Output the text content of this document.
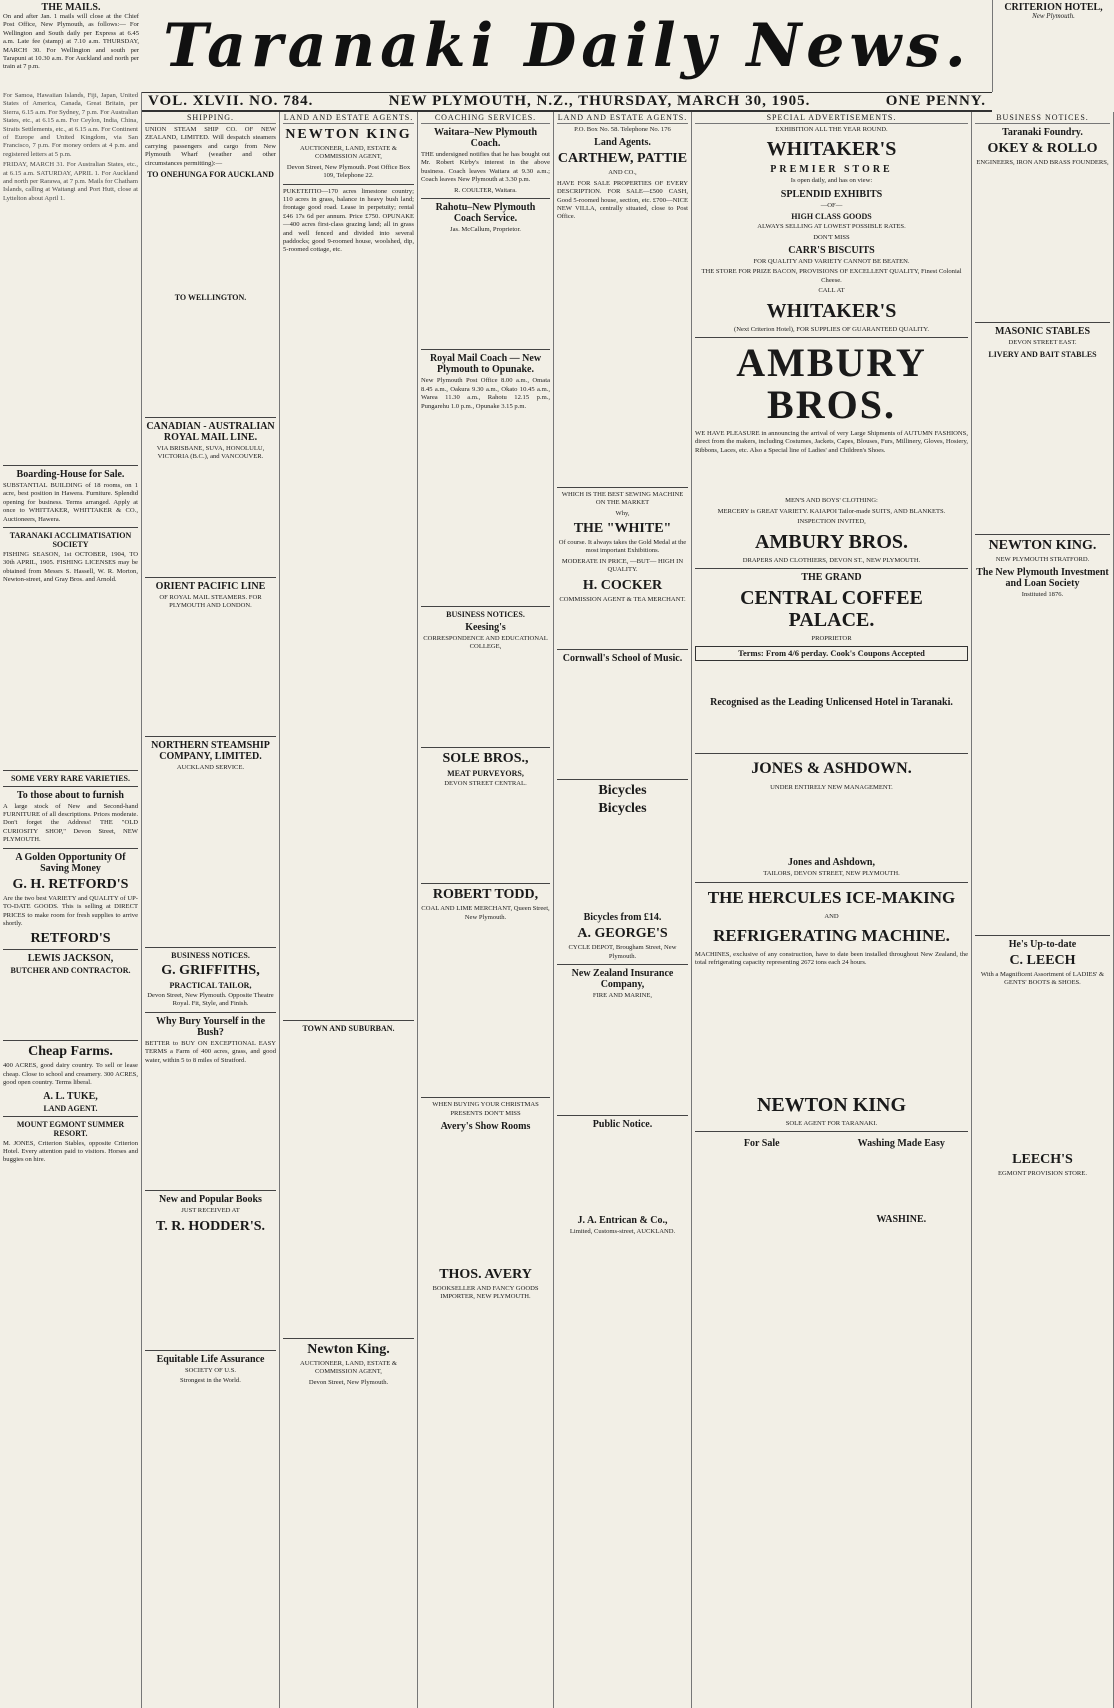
THE MAILS.
On and after Jan. 1 mails will close at the Chief Post Office, New Plymouth, as follows:— For Wellington and South daily per Express at 6.45 a.m. Late fee (stamp) at 7.10 a.m. THURSDAY, MARCH 30. For Wellington and south per Tarapuni at 10.30 a.m. For Auckland and north per train at 7 p.m.	Taranaki Daily News.
CRITERION HOTEL,
New Plymouth.
VOL. XLVII. NO. 784.	NEW PLYMOUTH, N.Z., THURSDAY, MARCH 30, 1905.	ONE PENNY.

For Samoa, Hawaiian Islands, Fiji, Japan, United States of America, Canada, Great Britain, per Sierra, 6.15 a.m. For Sydney, 7 p.m. For Australian States, etc., at 6.15 a.m. For Ceylon, India, China, Straits Settlements, etc., at 6.15 a.m. For Continent of Europe and United Kingdom, via San Francisco, 7 p.m. For money orders at 4 p.m. and registered letters at 5 p.m.

FRIDAY, MARCH 31. For Australian States, etc., at 6.15 a.m. SATURDAY, APRIL 1. For Auckland and north per Rarawa, at 7 p.m. Mails for Chatham Islands, calling at Waitangi and Port Hutt, close at Lyttelton about April 1.

Boarding-House for Sale.

SUBSTANTIAL BUILDING of 18 rooms, on 1 acre, best position in Hawera. Furniture. Splendid opening for business. Terms arranged. Apply at once to WHITTAKER, WHITTAKER & CO., Auctioneers, Hawera.

TARANAKI ACCLIMATISATION SOCIETY

FISHING SEASON, 1st OCTOBER, 1904, TO 30th APRIL, 1905. FISHING LICENSES may be obtained from Messrs S. Hassell, W. R. Morton, Newton-street, and Gray Bros. and Arnold.

SOME VERY RARE VARIETIES.
To those about to furnish

A large stock of New and Second-hand FURNITURE of all descriptions. Prices moderate. Don't forget the Address! THE "OLD CURIOSITY SHOP," Devon Street, NEW PLYMOUTH.

A Golden Opportunity Of Saving Money
G. H. RETFORD'S

Are the two best VARIETY and QUALITY of UP-TO-DATE GOODS. This is selling at DIRECT PRICES to make room for fresh supplies to arrive shortly.

RETFORD'S
LEWIS JACKSON,
BUTCHER AND CONTRACTOR.
Cheap Farms.

400 ACRES, good dairy country. To sell or lease cheap. Close to school and creamery. 300 ACRES, good open country. Terms liberal.

A. L. TUKE,
LAND AGENT.
MOUNT EGMONT SUMMER RESORT.

M. JONES, Criterion Stables, opposite Criterion Hotel. Every attention paid to visitors. Horses and buggies on hire.

SHIPPING.

UNION STEAM SHIP CO. OF NEW ZEALAND, LIMITED. Will despatch steamers carrying passengers and cargo from New Plymouth Wharf (weather and other circumstances permitting):—

TO ONEHUNGA FOR AUCKLAND
TO WELLINGTON.
CANADIAN - AUSTRALIAN ROYAL MAIL LINE.

VIA BRISBANE, SUVA, HONOLULU, VICTORIA (B.C.), and VANCOUVER.

ORIENT PACIFIC LINE

OF ROYAL MAIL STEAMERS. FOR PLYMOUTH AND LONDON.

NORTHERN STEAMSHIP COMPANY, LIMITED.

AUCKLAND SERVICE.

BUSINESS NOTICES.
G. GRIFFITHS,
PRACTICAL TAILOR,

Devon Street, New Plymouth. Opposite Theatre Royal. Fit, Style, and Finish.

Why Bury Yourself in the Bush?

BETTER to BUY ON EXCEPTIONAL EASY TERMS a Farm of 400 acres, grass, and good water, within 5 to 8 miles of Stratford.

New and Popular Books

JUST RECEIVED AT

T. R. HODDER'S.
Equitable Life Assurance

SOCIETY OF U.S.

Strongest in the World.

LAND AND ESTATE AGENTS.
NEWTON KING

AUCTIONEER, LAND, ESTATE & COMMISSION AGENT,

Devon Street, New Plymouth. Post Office Box 109, Telephone 22.

PUKETEITIO—170 acres limestone country; 110 acres in grass, balance in heavy bush land; frontage good road. Lease in perpetuity; rental £46 17s 6d per annum. Price £750. OPUNAKE—400 acres first-class grazing land; all in grass and well fenced and divided into several paddocks; good 9-roomed house, woolshed, dip, 5-roomed cottage, etc.

TOWN AND SUBURBAN.
Newton King.

AUCTIONEER, LAND, ESTATE & COMMISSION AGENT,

Devon Street, New Plymouth.

COACHING SERVICES.
Waitara–New Plymouth Coach.

THE undersigned notifies that he has bought out Mr. Robert Kirby's interest in the above business. Coach leaves Waitara at 9.30 a.m.; Coach leaves New Plymouth at 3.30 p.m.

R. COULTER, Waitara.

Rahotu–New Plymouth Coach Service.

Jas. McCallum, Proprietor.

Royal Mail Coach — New Plymouth to Opunake.

New Plymouth Post Office 8.00 a.m., Omata 8.45 a.m., Oakura 9.30 a.m., Okato 10.45 a.m., Warea 11.30 a.m., Rahotu 12.15 p.m., Pungarehu 1.0 p.m., Opunake 3.15 p.m.

BUSINESS NOTICES.
Keesing's

CORRESPONDENCE AND EDUCATIONAL COLLEGE,

SOLE BROS.,
MEAT PURVEYORS,

DEVON STREET CENTRAL.

ROBERT TODD,

COAL AND LIME MERCHANT, Queen Street, New Plymouth.

WHEN BUYING YOUR CHRISTMAS PRESENTS DON'T MISS

Avery's Show Rooms
THOS. AVERY

BOOKSELLER AND FANCY GOODS IMPORTER, NEW PLYMOUTH.

LAND AND ESTATE AGENTS.

P.O. Box No. 58. Telephone No. 176

Land Agents.
CARTHEW, PATTIE

AND CO.,

HAVE FOR SALE PROPERTIES OF EVERY DESCRIPTION. FOR SALE—£500 CASH, Good 5-roomed house, section, etc. £700—NICE NEW VILLA, centrally situated, close to Post Office.

WHICH IS THE BEST SEWING MACHINE ON THE MARKET

Why,

THE "WHITE"

Of course. It always takes the Gold Medal at the most important Exhibitions.

MODERATE IN PRICE, —BUT— HIGH IN QUALITY.

H. COCKER

COMMISSION AGENT & TEA MERCHANT.

Cornwall's School of Music.
Bicycles
Bicycles
Bicycles from £14.
A. GEORGE'S

CYCLE DEPOT, Brougham Street, New Plymouth.

New Zealand Insurance Company,

FIRE AND MARINE,

Public Notice.
J. A. Entrican & Co.,

Limited, Customs-street, AUCKLAND.

SPECIAL ADVERTISEMENTS.

EXHIBITION ALL THE YEAR ROUND.

WHITAKER'S
PREMIER STORE

Is open daily, and has on view:

SPLENDID EXHIBITS

—OF—

HIGH CLASS GOODS

ALWAYS SELLING AT LOWEST POSSIBLE RATES.

DON'T MISS

CARR'S BISCUITS

FOR QUALITY AND VARIETY CANNOT BE BEATEN.

THE STORE FOR PRIZE BACON, PROVISIONS OF EXCELLENT QUALITY, Finest Colonial Cheese.

CALL AT

WHITAKER'S

(Next Criterion Hotel), FOR SUPPLIES OF GUARANTEED QUALITY.

AMBURY BROS.

WE HAVE PLEASURE in announcing the arrival of very Large Shipments of AUTUMN FASHIONS, direct from the makers, including Costumes, Jackets, Capes, Blouses, Furs, Millinery, Gloves, Hosiery, Ribbons, Laces, etc. Also a Special line of Ladies' and Children's Shoes.

MEN'S AND BOYS' CLOTHING:

MERCERY is GREAT VARIETY. KAIAPOI Tailor-made SUITS, AND BLANKETS.

INSPECTION INVITED,

AMBURY BROS.

DRAPERS AND CLOTHIERS, DEVON ST., NEW PLYMOUTH.

THE GRAND
CENTRAL COFFEE PALACE.

PROPRIETOR

Terms: From 4/6 perday. Cook's Coupons Accepted
Recognised as the Leading Unlicensed Hotel in Taranaki.
JONES & ASHDOWN.

UNDER ENTIRELY NEW MANAGEMENT.

Jones and Ashdown,

TAILORS, DEVON STREET, NEW PLYMOUTH.

THE HERCULES ICE-MAKING

AND

REFRIGERATING MACHINE.

MACHINES, exclusive of any construction, have to date been installed throughout New Zealand, the total refrigerating capacity representing 2672 tons each 24 hours.

NEWTON KING

SOLE AGENT FOR TARANAKI.

For Sale	Washing Made Easy
WASHINE.
BUSINESS NOTICES.
Taranaki Foundry.
OKEY & ROLLO

ENGINEERS, IRON AND BRASS FOUNDERS,

MASONIC STABLES

DEVON STREET EAST.

LIVERY AND BAIT STABLES
NEWTON KING.

NEW PLYMOUTH STRATFORD.

The New Plymouth Investment and Loan Society

Instituted 1876.

He's Up-to-date
C. LEECH

With a Magnificent Assortment of LADIES' & GENTS' BOOTS & SHOES.

LEECH'S

EGMONT PROVISION STORE.
